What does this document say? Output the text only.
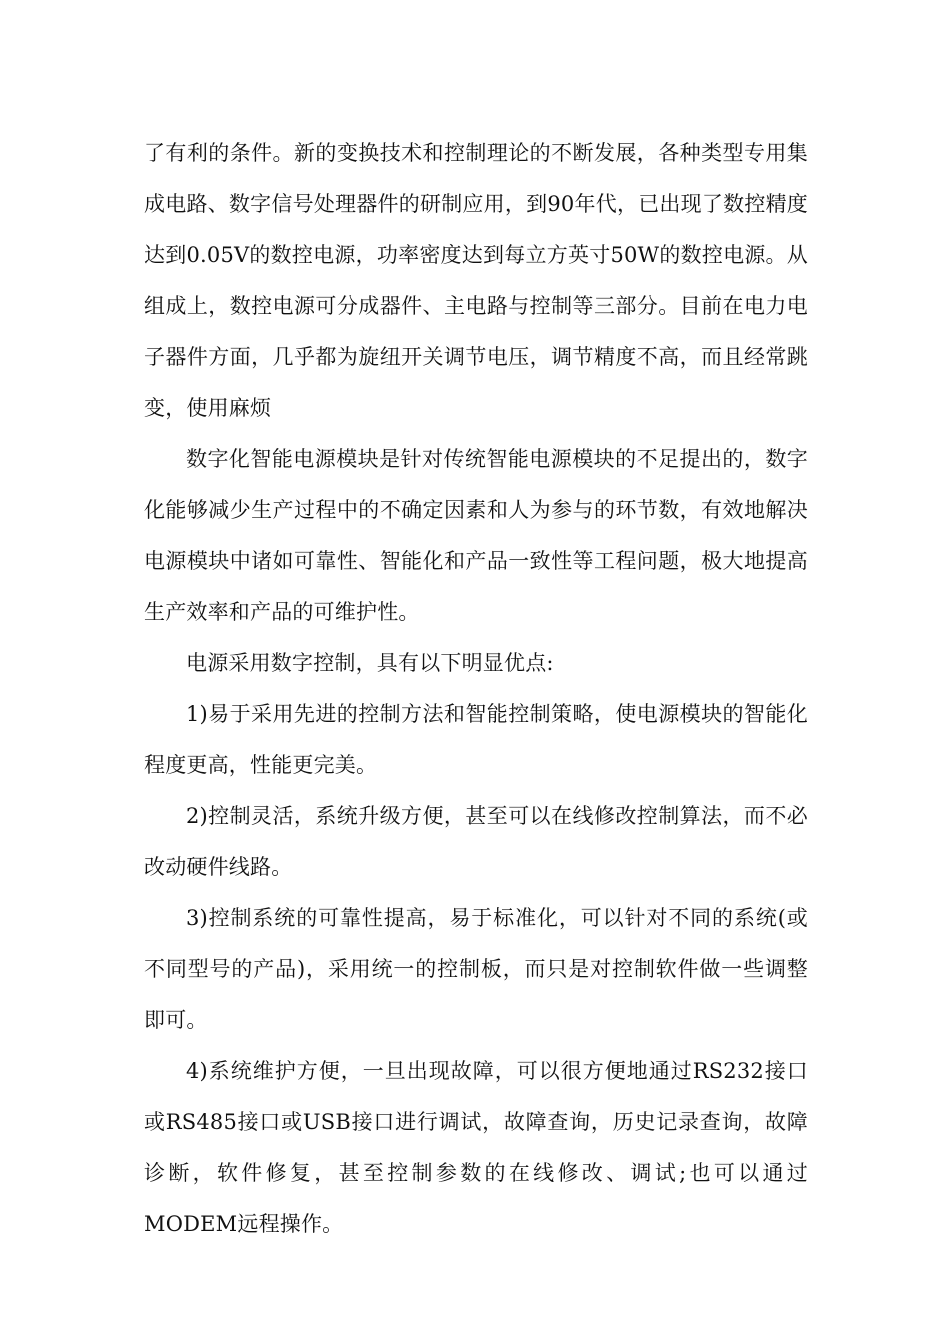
了有利的条件。新的变换技术和控制理论的不断发展，各种类型专用集成电路、数字信号处理器件的研制应用，到90年代，已出现了数控精度达到0.05V的数控电源，功率密度达到每立方英寸50W的数控电源。从组成上，数控电源可分成器件、主电路与控制等三部分。目前在电力电子器件方面，几乎都为旋纽开关调节电压，调节精度不高，而且经常跳变，使用麻烦

数字化智能电源模块是针对传统智能电源模块的不足提出的，数字化能够减少生产过程中的不确定因素和人为参与的环节数，有效地解决电源模块中诸如可靠性、智能化和产品一致性等工程问题，极大地提高生产效率和产品的可维护性。

电源采用数字控制，具有以下明显优点:

1)易于采用先进的控制方法和智能控制策略，使电源模块的智能化程度更高，性能更完美。

2)控制灵活，系统升级方便，甚至可以在线修改控制算法，而不必改动硬件线路。

3)控制系统的可靠性提高，易于标准化，可以针对不同的系统(或不同型号的产品)，采用统一的控制板，而只是对控制软件做一些调整即可。

4)系统维护方便，一旦出现故障，可以很方便地通过RS232接口或RS485接口或USB接口进行调试，故障查询，历史记录查询，故障诊断，软件修复，甚至控制参数的在线修改、调试;也可以通过MODEM远程操作。
